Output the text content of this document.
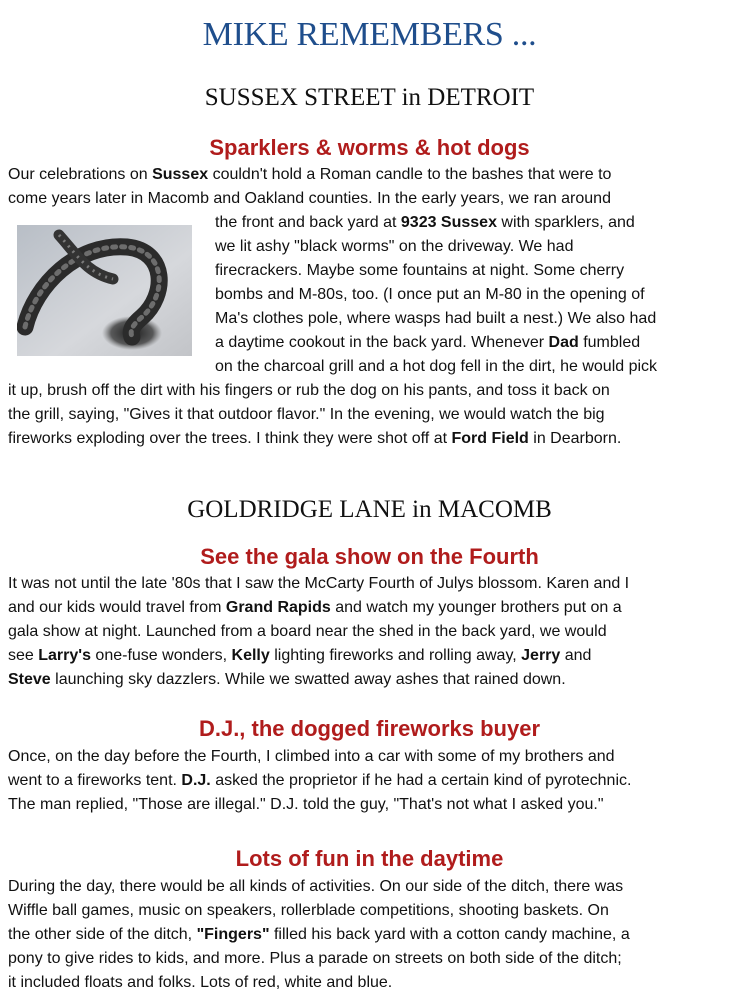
MIKE REMEMBERS ...
SUSSEX STREET in DETROIT
Sparklers & worms & hot dogs
Our celebrations on Sussex couldn't hold a Roman candle to the bashes that were to
come years later in Macomb and Oakland counties. In the early years, we ran around
the front and back yard at 9323 Sussex with sparklers, and
we lit ashy "black worms" on the driveway. We had
firecrackers. Maybe some fountains at night. Some cherry
bombs and M-80s, too. (I once put an M-80 in the opening of
Ma's clothes pole, where wasps had built a nest.) We also had
a daytime cookout in the back yard. Whenever Dad fumbled
on the charcoal grill and a hot dog fell in the dirt, he would pick
it up, brush off the dirt with his fingers or rub the dog on his pants, and toss it back on
the grill, saying, "Gives it that outdoor flavor." In the evening, we would watch the big
fireworks exploding over the trees. I think they were shot off at Ford Field in Dearborn.
GOLDRIDGE LANE in MACOMB
See the gala show on the Fourth
It was not until the late '80s that I saw the McCarty Fourth of Julys blossom. Karen and I
and our kids would travel from Grand Rapids and watch my younger brothers put on a
gala show at night. Launched from a board near the shed in the back yard, we would
see Larry's one-fuse wonders, Kelly lighting fireworks and rolling away, Jerry and
Steve launching sky dazzlers. While we swatted away ashes that rained down.
D.J., the dogged fireworks buyer
Once, on the day before the Fourth, I climbed into a car with some of my brothers and
went to a fireworks tent. D.J. asked the proprietor if he had a certain kind of pyrotechnic.
The man replied, "Those are illegal." D.J. told the guy, "That's not what I asked you."
Lots of fun in the daytime
During the day, there would be all kinds of activities. On our side of the ditch, there was
Wiffle ball games, music on speakers, rollerblade competitions, shooting baskets. On
the other side of the ditch, "Fingers" filled his back yard with a cotton candy machine, a
pony to give rides to kids, and more. Plus a parade on streets on both side of the ditch;
it included floats and folks. Lots of red, white and blue.
